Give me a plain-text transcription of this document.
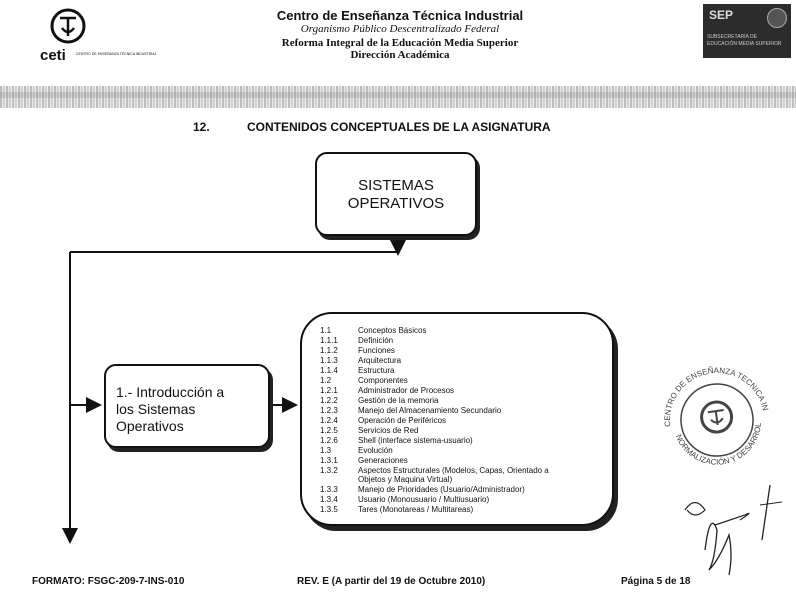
ceti	CENTRO DE ENSEÑANZA TÉCNICA INDUSTRIAL
Centro de Enseñanza Técnica Industrial
Organismo Público Descentralizado Federal
Reforma Integral de la Educación Media Superior
Dirección Académica
SEP
SUBSECRETARÍA DE EDUCACIÓN MEDIA SUPERIOR
12.	CONTENIDOS CONCEPTUALES DE LA ASIGNATURA
SISTEMAS
OPERATIVOS
1.- Introducción a
los Sistemas
Operativos
1.1	Conceptos Básicos
1.1.1	Definición
1.1.2	Funciones
1.1.3	Arquitectura
1.1.4	Estructura
1.2	Componentes
1.2.1	Administrador de Procesos
1.2.2	Gestión de la memoria
1.2.3	Manejo del Almacenamiento Secundario
1.2.4	Operación de Periféricos
1.2.5	Servicios de Red
1.2.6	Shell (interface sistema-usuario)
1.3	Evolución
1.3.1	Generaciones
1.3.2	Aspectos Estructurales (Modelos, Capas, Orientado a Objetos y Maquina Virtual)
1.3.3	Manejo de Prioridades (Usuario/Administrador)
1.3.4	Usuario (Monousuario / Multiusuario)
1.3.5	Tares (Monotareas / Multitareas)
CENTRO DE ENSEÑANZA TECNICA INDUSTRIAL
NORMALIZACIÓN Y DESARROLLO CURRICULAR
FORMATO: FSGC-209-7-INS-010	REV. E (A partir del 19 de Octubre 2010)	Página 5 de 18
